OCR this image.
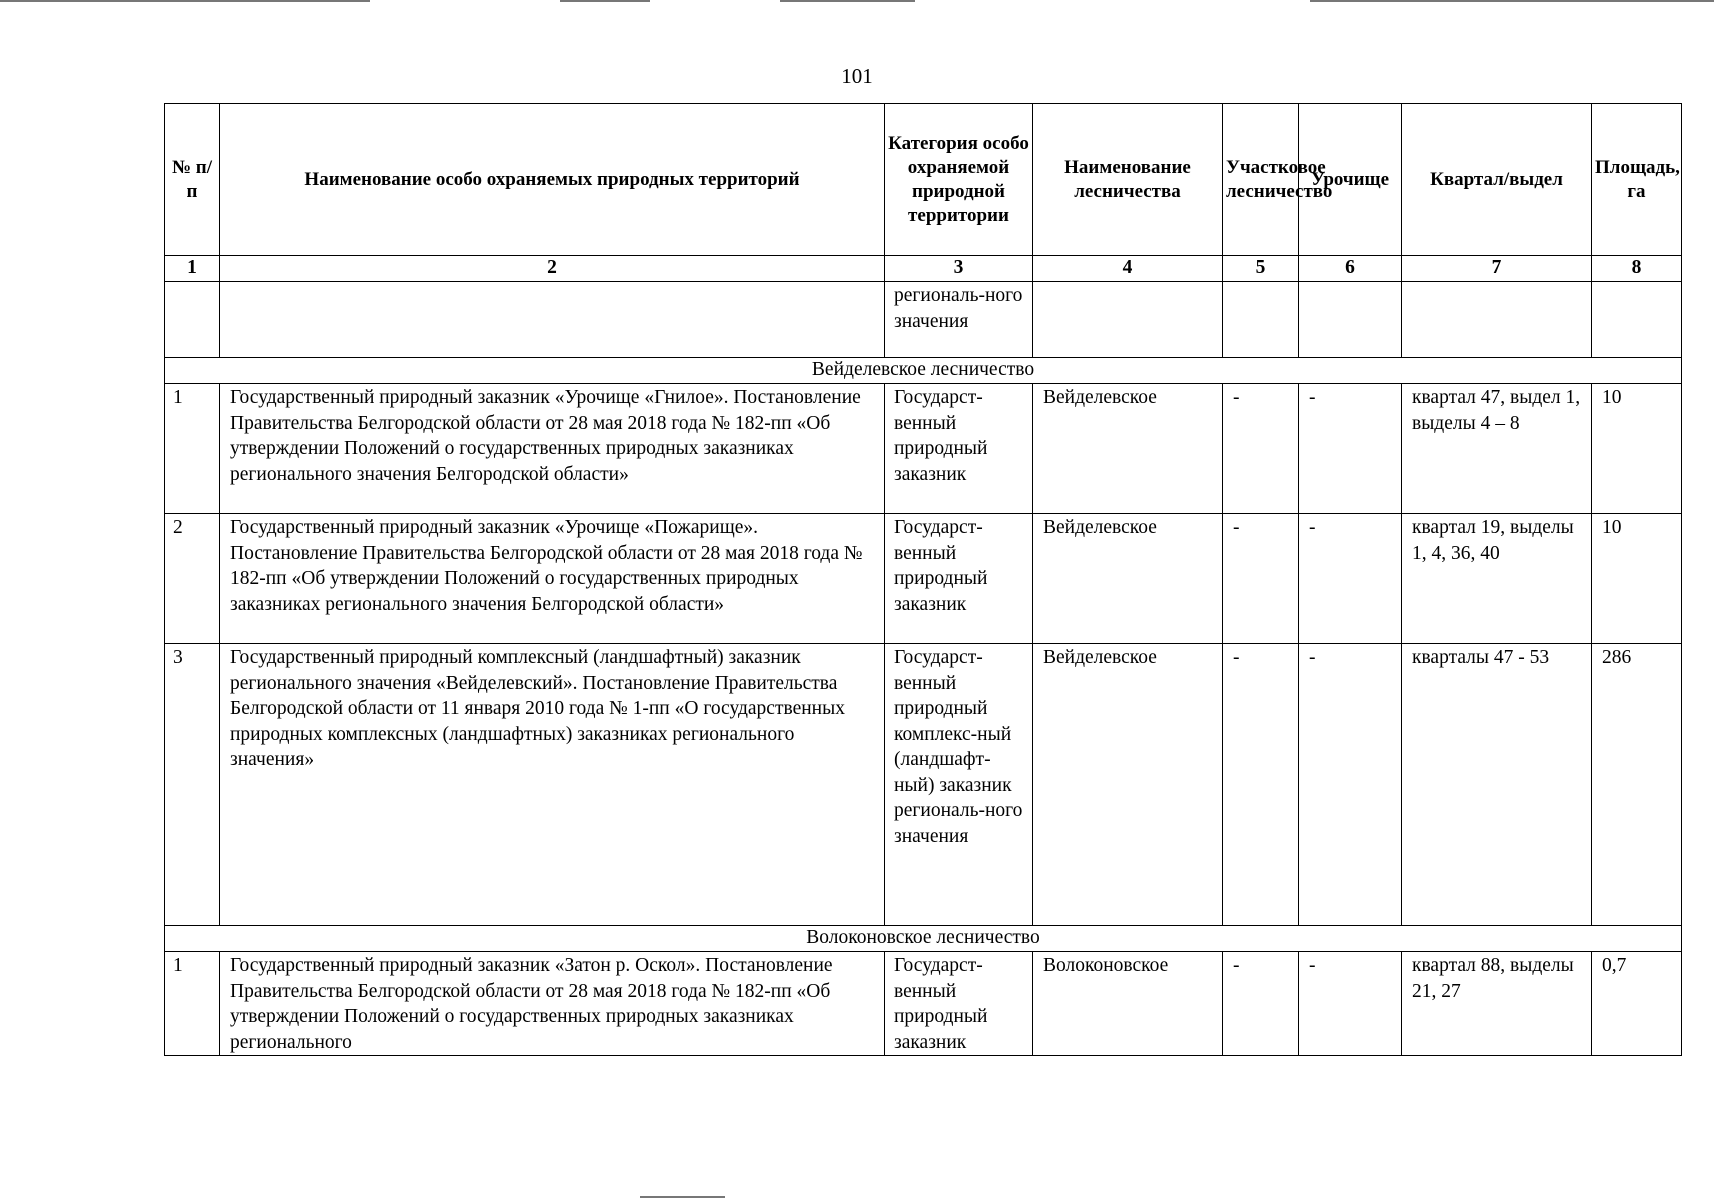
101
№ п/п	Наименование особо охраняемых природных территорий	Категория особо охраняемой природной территории	Наименование лесничества	Участковое лесничество	Урочище	Квартал/выдел	Площадь, га
1	2	3	4	5	6	7	8
		региональ-ного значения					
Вейделевское лесничество							
1	Государственный природный заказник «Урочище «Гнилое». Постановление Правительства Белгородской области от 28 мая 2018 года № 182-пп «Об утверждении Положений о государственных природных заказниках регионального значения Белгородской области»	Государст-венный природный заказник	Вейделевское	-	-	квартал 47, выдел 1, выделы 4 – 8	10
2	Государственный природный заказник «Урочище «Пожарище». Постановление Правительства Белгородской области от 28 мая 2018 года № 182-пп «Об утверждении Положений о государственных природных заказниках регионального значения Белгородской области»	Государст-венный природный заказник	Вейделевское	-	-	квартал 19, выделы 1, 4, 36, 40	10
3	Государственный природный комплексный (ландшафтный) заказник регионального значения «Вейделевский». Постановление Правительства Белгородской области от 11 января 2010 года № 1-пп «О государственных природных комплексных (ландшафтных) заказниках регионального значения»	Государст-венный природный комплекс-ный (ландшафт-ный) заказник региональ-ного значения	Вейделевское	-	-	кварталы 47 - 53	286
Волоконовское лесничество							
1	Государственный природный заказник «Затон р. Оскол». Постановление Правительства Белгородской области от 28 мая 2018 года № 182-пп «Об утверждении Положений о государственных природных заказниках регионального	Государст-венный природный заказник	Волоконовское	-	-	квартал 88, выделы 21, 27	0,7
